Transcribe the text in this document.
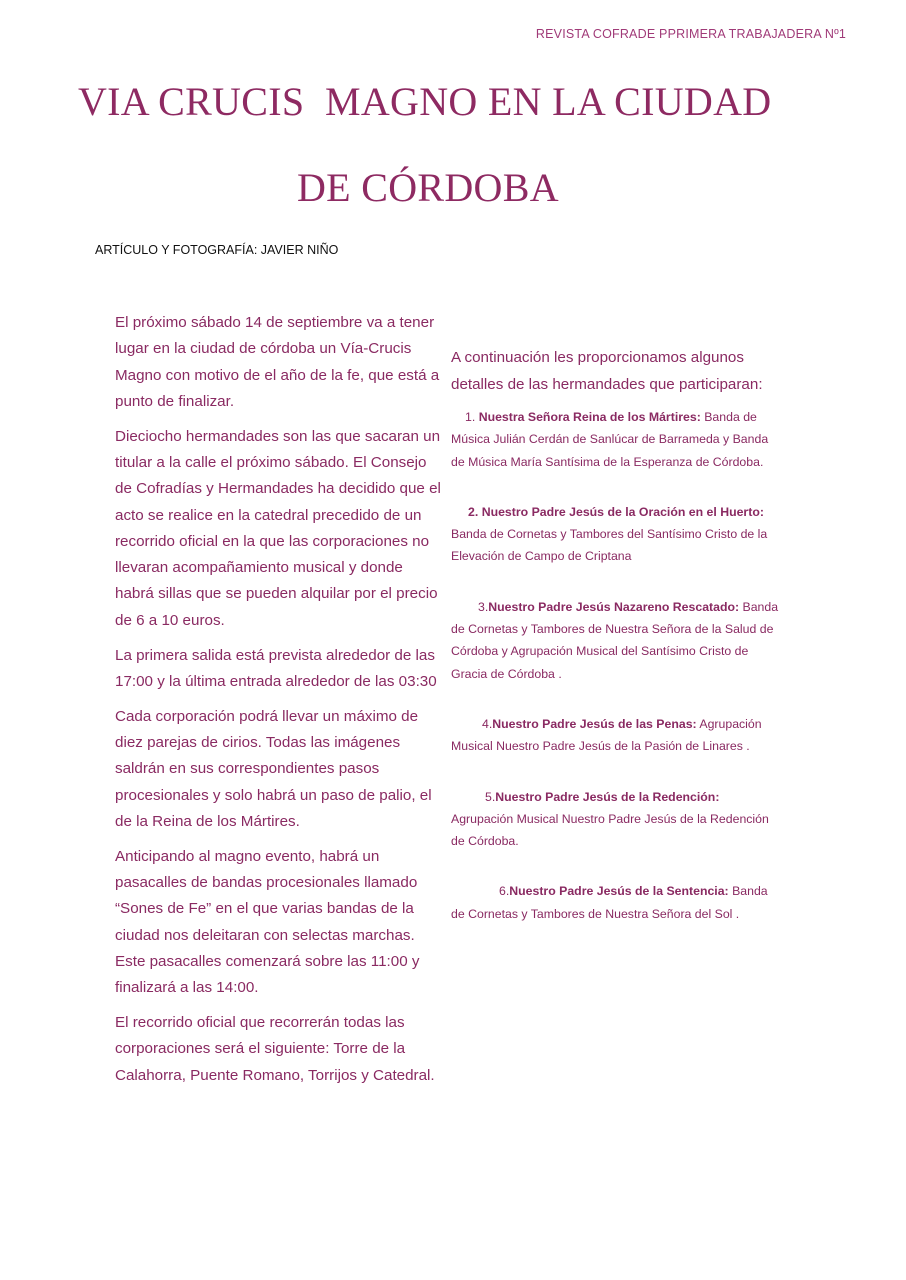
REVISTA COFRADE PPRIMERA TRABAJADERA Nº1
VIA CRUCIS  MAGNO EN LA CIUDAD
DE CÓRDOBA
ARTÍCULO Y FOTOGRAFÍA: JAVIER NIÑO

El próximo sábado 14 de septiembre va a tener lugar en la ciudad de córdoba un Vía-Crucis Magno con motivo de el año de la fe, que está a punto de finalizar.

Dieciocho hermandades son las que sacaran un titular a la calle el próximo sábado. El Consejo de Cofradías y Hermandades ha decidido que el acto se realice en la catedral precedido de un recorrido oficial en la que las corporaciones no llevaran acompañamiento musical y donde habrá sillas que se pueden alquilar por el precio de 6 a 10 euros.

La primera salida está prevista alrededor de las 17:00 y la última entrada alrededor de las 03:30

Cada corporación podrá llevar un máximo de diez parejas de cirios. Todas las imágenes saldrán en sus correspondientes pasos procesionales y solo habrá un paso de palio, el de la Reina de los Mártires.

Anticipando al magno evento, habrá un pasacalles de bandas procesionales llamado “Sones de Fe” en el que varias bandas de la ciudad nos deleitaran con selectas marchas. Este pasacalles comenzará sobre las 11:00 y finalizará a las 14:00.

El recorrido oficial que recorrerán todas las corporaciones será el siguiente: Torre de la Calahorra, Puente Romano, Torrijos y Catedral.

A continuación les proporcionamos algunos detalles de las hermandades que participaran:

1. Nuestra Señora Reina de los Mártires: Banda de Música Julián Cerdán de Sanlúcar de Barrameda y Banda de Música María Santísima de la Esperanza de Córdoba.

2. Nuestro Padre Jesús de la Oración en el Huerto: Banda de Cornetas y Tambores del Santísimo Cristo de la Elevación de Campo de Criptana

3.Nuestro Padre Jesús Nazareno Rescatado: Banda de Cornetas y Tambores de Nuestra Señora de la Salud de Córdoba y Agrupación Musical del Santísimo Cristo de Gracia de Córdoba .

4.Nuestro Padre Jesús de las Penas: Agrupación Musical Nuestro Padre Jesús de la Pasión de Linares .

5.Nuestro Padre Jesús de la Redención: Agrupación Musical Nuestro Padre Jesús de la Redención de Córdoba.

6.Nuestro Padre Jesús de la Sentencia: Banda de Cornetas y Tambores de Nuestra Señora del Sol .
